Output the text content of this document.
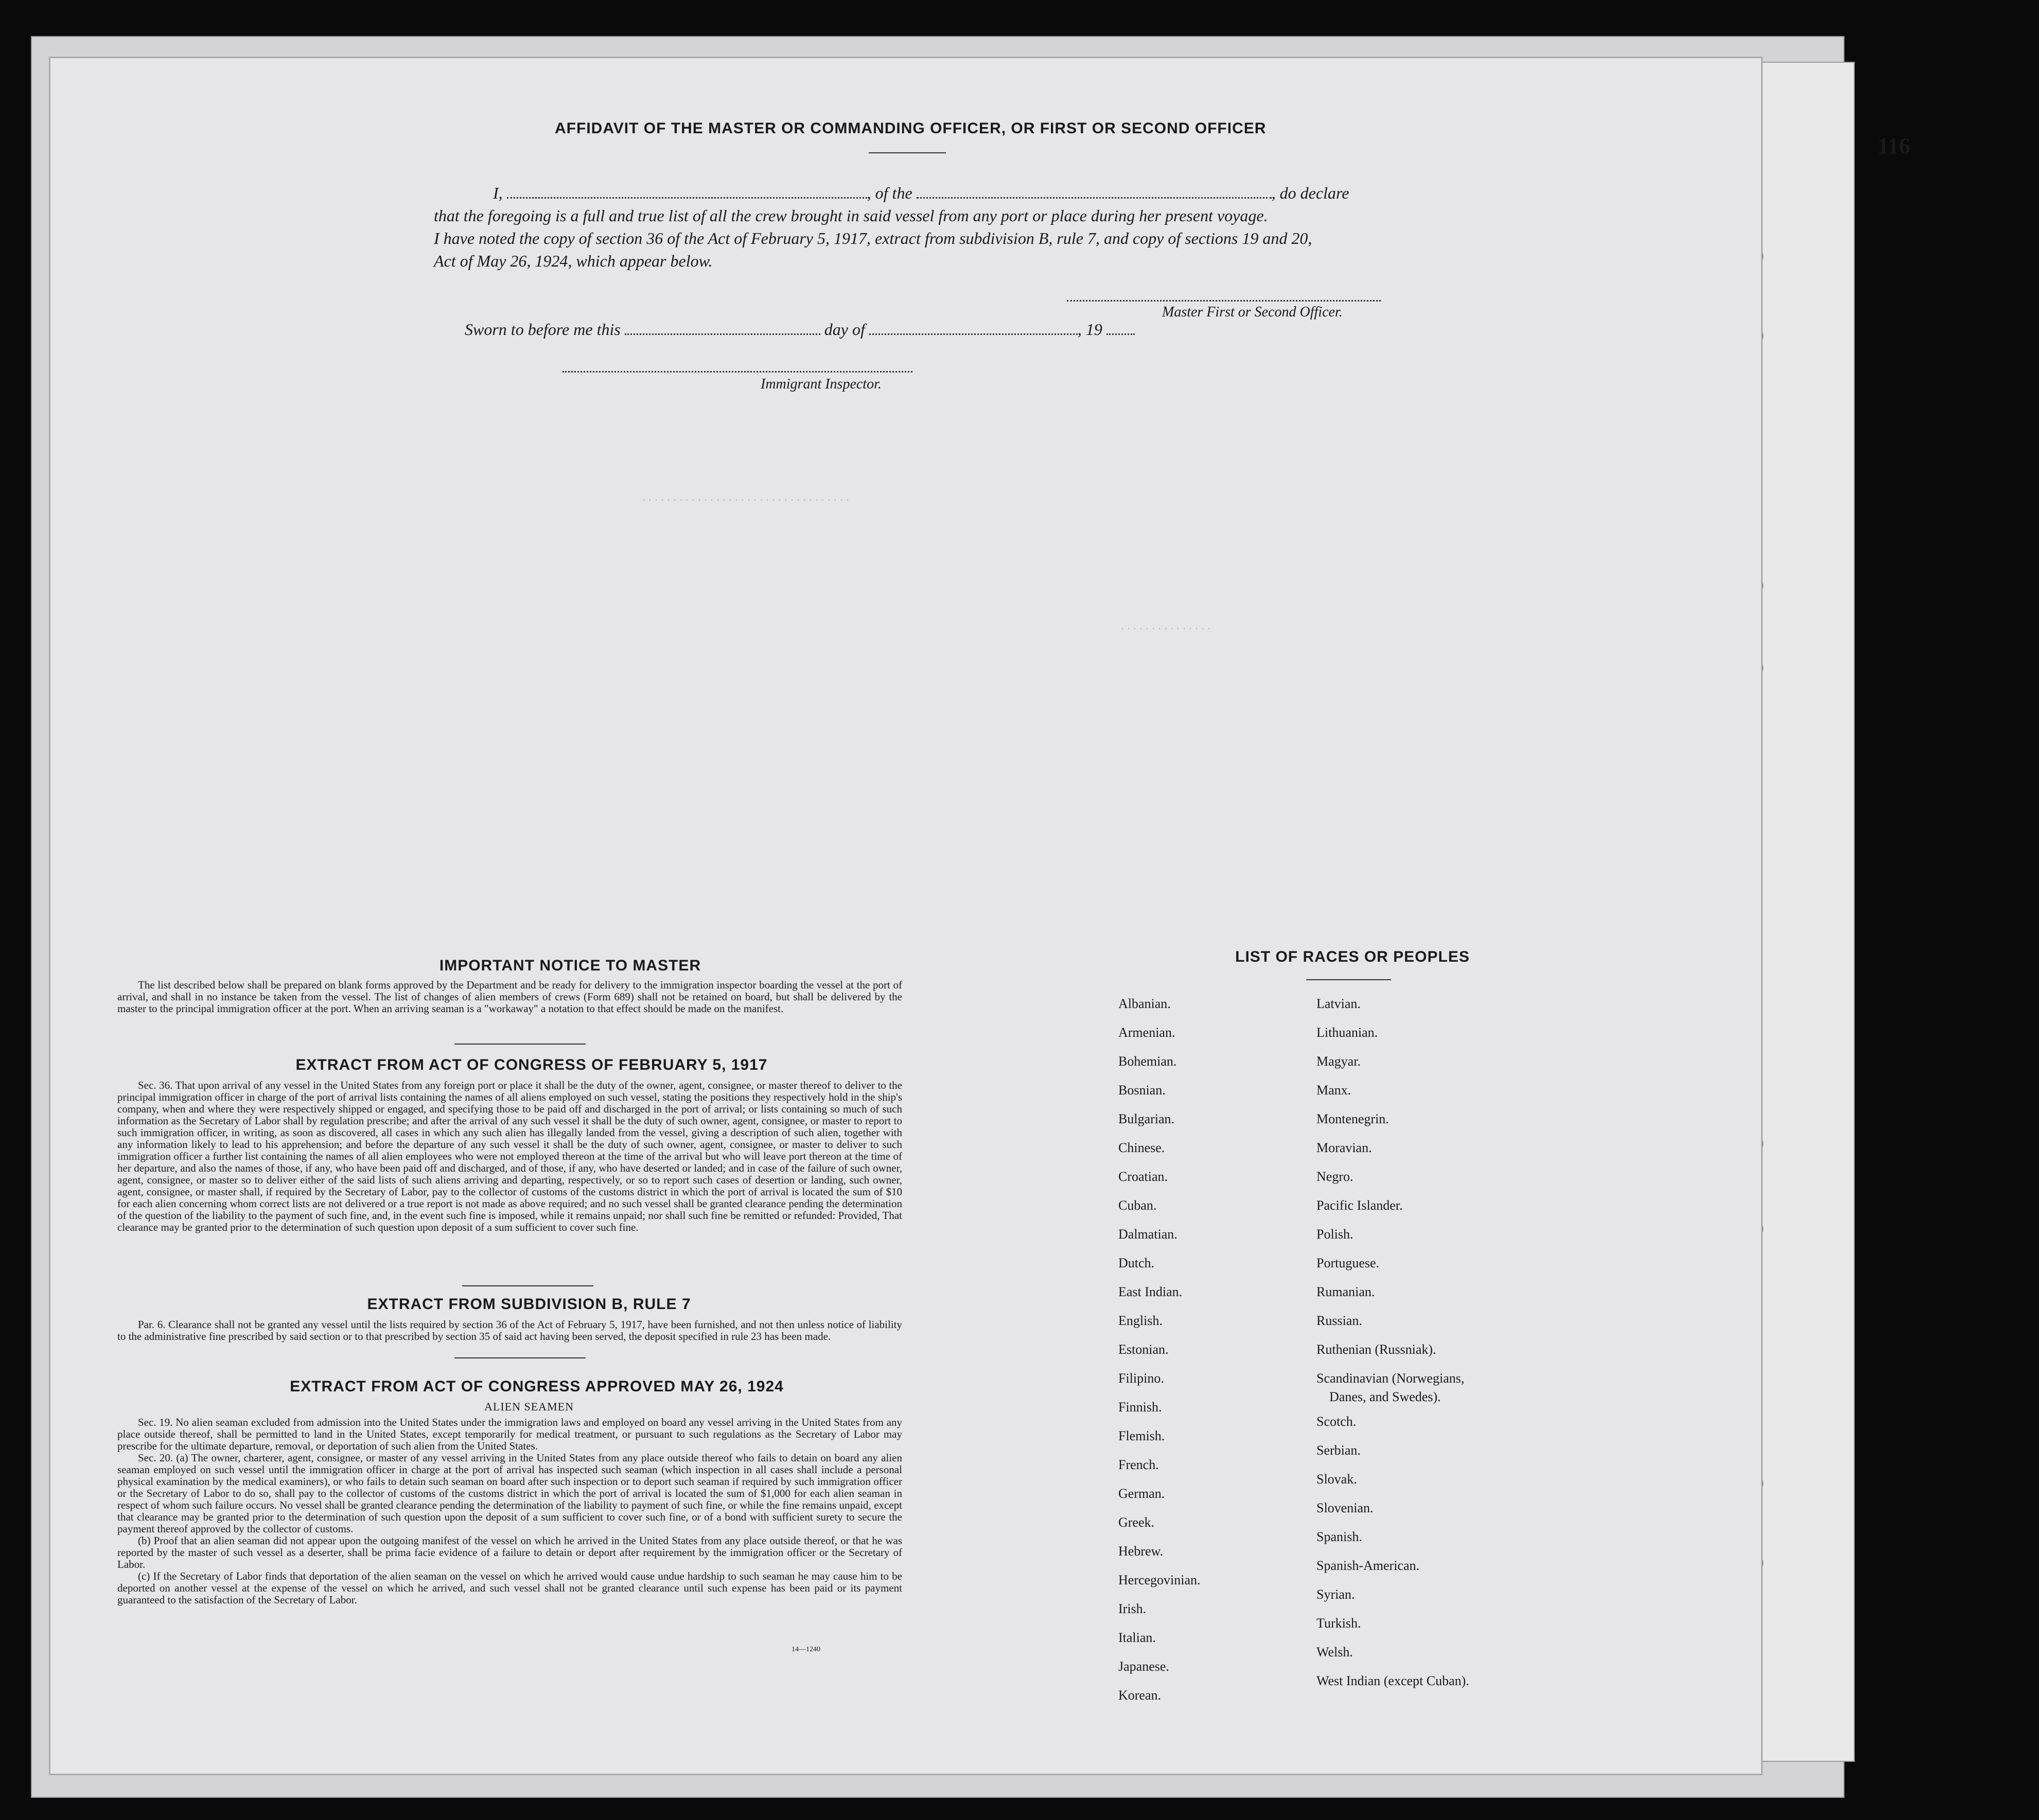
116
AFFIDAVIT OF THE MASTER OR COMMANDING OFFICER, OR FIRST OR SECOND OFFICER
I,	, of the	, do declare
that the foregoing is a full and true list of all the crew brought in said vessel from any port or place during her present voyage.
I have noted the copy of section 36 of the Act of February 5, 1917, extract from subdivision B, rule 7, and copy of sections 19 and 20,
Act of May 26, 1924, which appear below.
Master First or Second Officer.
Sworn to before me this	day of	, 19
Immigrant Inspector.
. . . . . . . . . . . . . . . . . . . . . . . . . . . . . . . . . .
. . . . . . . . . . . . . . .
IMPORTANT NOTICE TO MASTER

The list described below shall be prepared on blank forms approved by the Department and be ready for delivery to the immigration inspector boarding the vessel at the port of arrival, and shall in no instance be taken from the vessel. The list of changes of alien members of crews (Form 689) shall not be retained on board, but shall be delivered by the master to the principal immigration officer at the port. When an arriving seaman is a "workaway" a notation to that effect should be made on the manifest.

EXTRACT FROM ACT OF CONGRESS OF FEBRUARY 5, 1917

Sec. 36. That upon arrival of any vessel in the United States from any foreign port or place it shall be the duty of the owner, agent, consignee, or master thereof to deliver to the principal immigration officer in charge of the port of arrival lists containing the names of all aliens employed on such vessel, stating the positions they respectively hold in the ship's company, when and where they were respectively shipped or engaged, and specifying those to be paid off and discharged in the port of arrival; or lists containing so much of such information as the Secretary of Labor shall by regulation prescribe; and after the arrival of any such vessel it shall be the duty of such owner, agent, consignee, or master to report to such immigration officer, in writing, as soon as discovered, all cases in which any such alien has illegally landed from the vessel, giving a description of such alien, together with any information likely to lead to his apprehension; and before the departure of any such vessel it shall be the duty of such owner, agent, consignee, or master to deliver to such immigration officer a further list containing the names of all alien employees who were not employed thereon at the time of the arrival but who will leave port thereon at the time of her departure, and also the names of those, if any, who have been paid off and discharged, and of those, if any, who have deserted or landed; and in case of the failure of such owner, agent, consignee, or master so to deliver either of the said lists of such aliens arriving and departing, respectively, or so to report such cases of desertion or landing, such owner, agent, consignee, or master shall, if required by the Secretary of Labor, pay to the collector of customs of the customs district in which the port of arrival is located the sum of $10 for each alien concerning whom correct lists are not delivered or a true report is not made as above required; and no such vessel shall be granted clearance pending the determination of the question of the liability to the payment of such fine, and, in the event such fine is imposed, while it remains unpaid; nor shall such fine be remitted or refunded: Provided, That clearance may be granted prior to the determination of such question upon deposit of a sum sufficient to cover such fine.

EXTRACT FROM SUBDIVISION B, RULE 7

Par. 6. Clearance shall not be granted any vessel until the lists required by section 36 of the Act of February 5, 1917, have been furnished, and not then unless notice of liability to the administrative fine prescribed by said section or to that prescribed by section 35 of said act having been served, the deposit specified in rule 23 has been made.

EXTRACT FROM ACT OF CONGRESS APPROVED MAY 26, 1924
ALIEN SEAMEN

Sec. 19. No alien seaman excluded from admission into the United States under the immigration laws and employed on board any vessel arriving in the United States from any place outside thereof, shall be permitted to land in the United States, except temporarily for medical treatment, or pursuant to such regulations as the Secretary of Labor may prescribe for the ultimate departure, removal, or deportation of such alien from the United States.

Sec. 20. (a) The owner, charterer, agent, consignee, or master of any vessel arriving in the United States from any place outside thereof who fails to detain on board any alien seaman employed on such vessel until the immigration officer in charge at the port of arrival has inspected such seaman (which inspection in all cases shall include a personal physical examination by the medical examiners), or who fails to detain such seaman on board after such inspection or to deport such seaman if required by such immigration officer or the Secretary of Labor to do so, shall pay to the collector of customs of the customs district in which the port of arrival is located the sum of $1,000 for each alien seaman in respect of whom such failure occurs. No vessel shall be granted clearance pending the determination of the liability to payment of such fine, or while the fine remains unpaid, except that clearance may be granted prior to the determination of such question upon the deposit of a sum sufficient to cover such fine, or of a bond with sufficient surety to secure the payment thereof approved by the collector of customs.

(b) Proof that an alien seaman did not appear upon the outgoing manifest of the vessel on which he arrived in the United States from any place outside thereof, or that he was reported by the master of such vessel as a deserter, shall be prima facie evidence of a failure to detain or deport after requirement by the immigration officer or the Secretary of Labor.

(c) If the Secretary of Labor finds that deportation of the alien seaman on the vessel on which he arrived would cause undue hardship to such seaman he may cause him to be deported on another vessel at the expense of the vessel on which he arrived, and such vessel shall not be granted clearance until such expense has been paid or its payment guaranteed to the satisfaction of the Secretary of Labor.

14—1240
LIST OF RACES OR PEOPLES
Albanian.
Armenian.
Bohemian.
Bosnian.
Bulgarian.
Chinese.
Croatian.
Cuban.
Dalmatian.
Dutch.
East Indian.
English.
Estonian.
Filipino.
Finnish.
Flemish.
French.
German.
Greek.
Hebrew.
Hercegovinian.
Irish.
Italian.
Japanese.
Korean.
Latvian.
Lithuanian.
Magyar.
Manx.
Montenegrin.
Moravian.
Negro.
Pacific Islander.
Polish.
Portuguese.
Rumanian.
Russian.
Ruthenian (Russniak).
Scandinavian (Norwegians,
Danes, and Swedes).
Scotch.
Serbian.
Slovak.
Slovenian.
Spanish.
Spanish-American.
Syrian.
Turkish.
Welsh.
West Indian (except Cuban).
